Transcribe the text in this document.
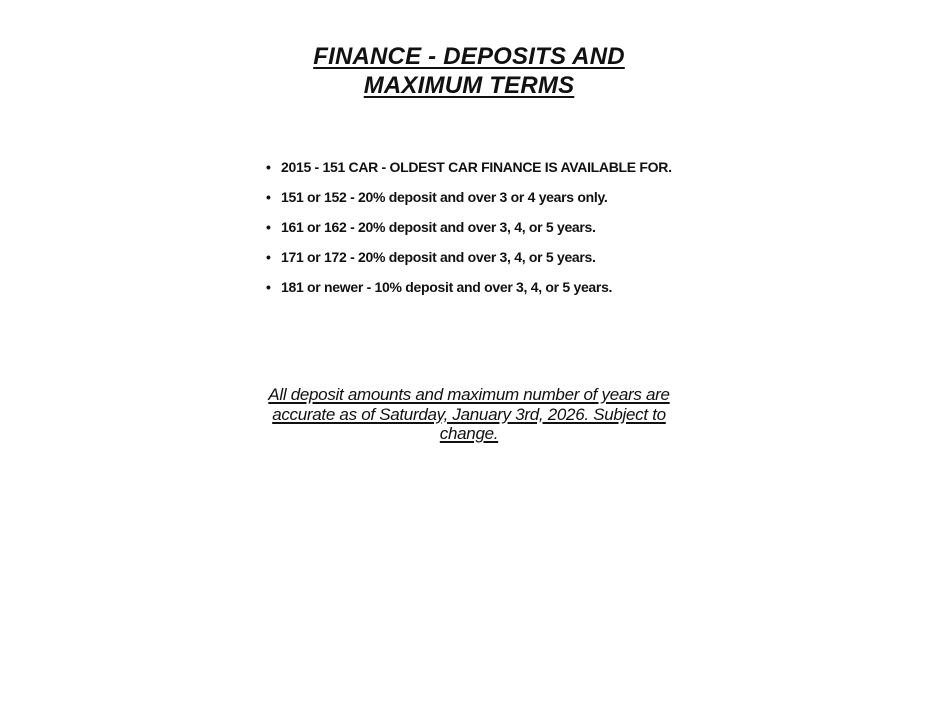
FINANCE - DEPOSITS AND MAXIMUM TERMS
• 2015 - 151 CAR - OLDEST CAR FINANCE IS AVAILABLE FOR.
• 151 or 152 - 20% deposit and over 3 or 4 years only.
• 161 or 162 - 20% deposit and over 3, 4, or 5 years.
• 171 or 172 - 20% deposit and over 3, 4, or 5 years.
• 181 or newer - 10% deposit and over 3, 4, or 5 years.

All deposit amounts and maximum number of years are accurate as of Saturday, January 3rd, 2026. Subject to change.
